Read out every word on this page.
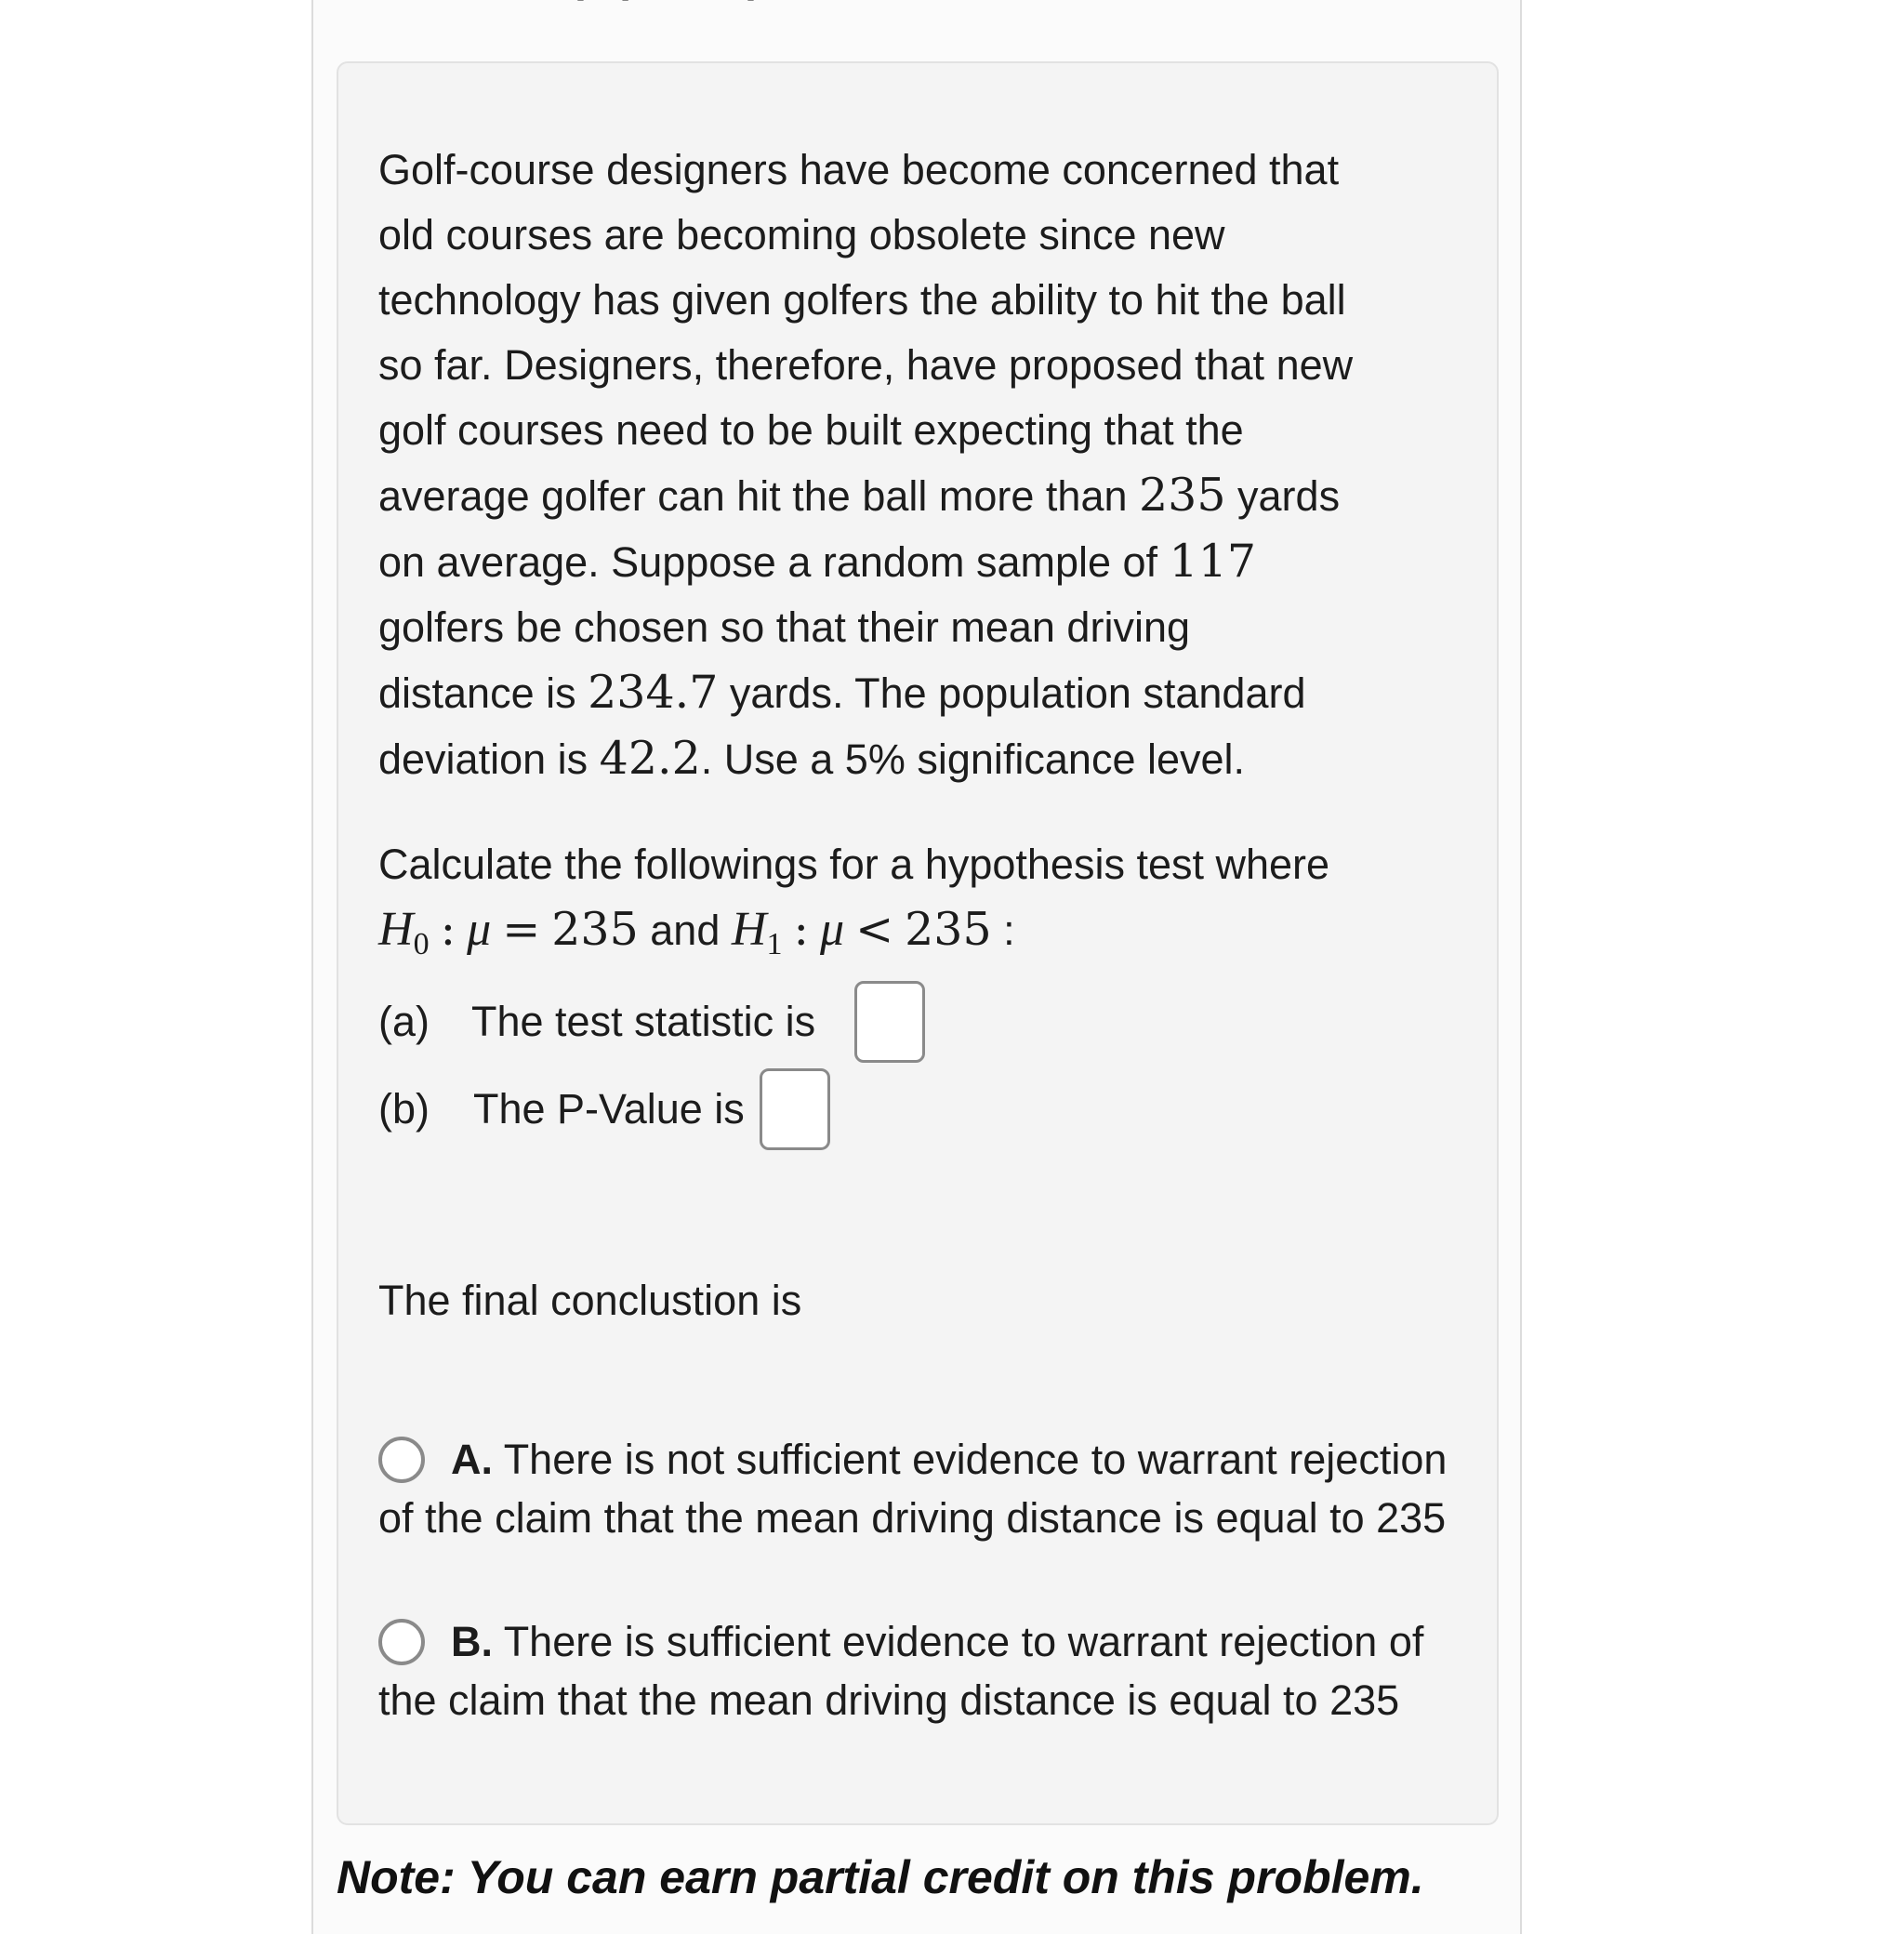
Golf-course designers have become concerned that
old courses are becoming obsolete since new
technology has given golfers the ability to hit the ball
so far. Designers, therefore, have proposed that new
golf courses need to be built expecting that the
average golfer can hit the ball more than 235 yards
on average. Suppose a random sample of 117
golfers be chosen so that their mean driving
distance is 234.7 yards. The population standard
deviation is 42.2. Use a 5% significance level.
Calculate the followings for a hypothesis test where
$H_0$ : μ = 235 and $H_1$ : μ < 235 :
(a)	The test statistic is
(b)	The P-Value is
The final conclustion is
A. There is not sufficient evidence to warrant rejection of the claim that the mean driving distance is equal to 235
B. There is sufficient evidence to warrant rejection of the claim that the mean driving distance is equal to 235
Note: You can earn partial credit on this problem.
